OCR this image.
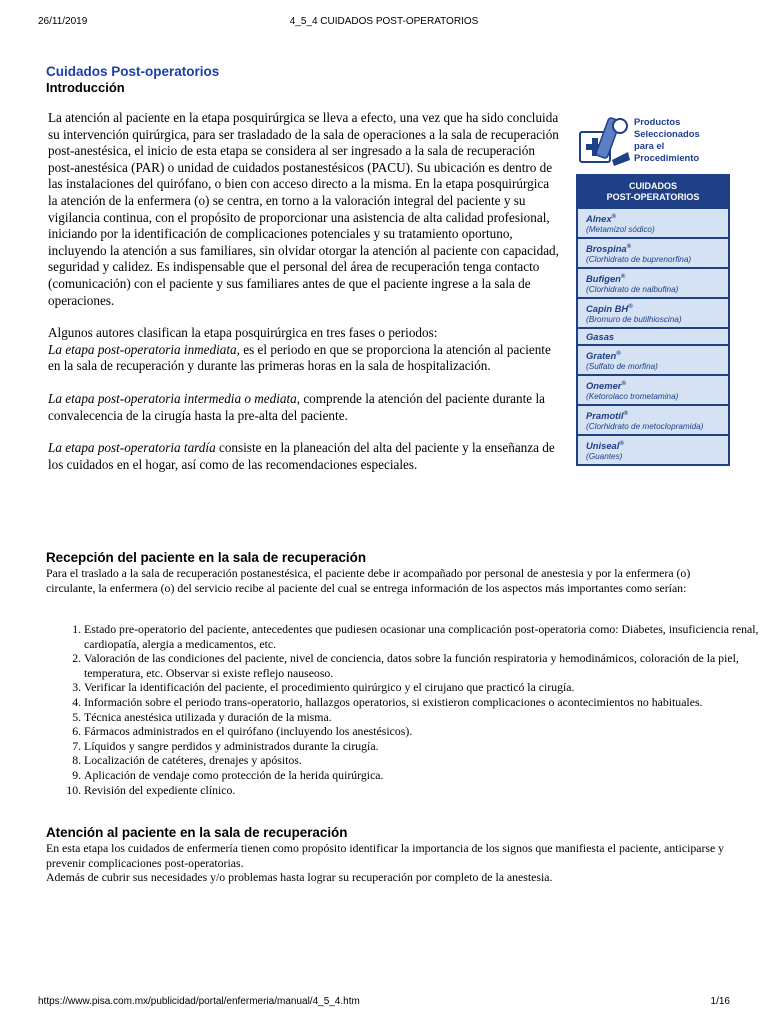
26/11/2019	4_5_4 CUIDADOS POST-OPERATORIOS
Cuidados Post-operatorios
Introducción

La atención al paciente en la etapa posquirúrgica se lleva a efecto, una vez que ha sido concluida su intervención quirúrgica, para ser trasladado de la sala de operaciones a la sala de recuperación post-anestésica, el inicio de esta etapa se considera al ser ingresado a la sala de recuperación post-anestésica (PAR) o unidad de cuidados postanestésicos (PACU). Su ubicación es dentro de las instalaciones del quirófano, o bien con acceso directo a la misma. En la etapa posquirúrgica la atención de la enfermera (o) se centra, en torno a la valoración integral del paciente y su vigilancia continua, con el propósito de proporcionar una asistencia de alta calidad profesional, iniciando por la identificación de complicaciones potenciales y su tratamiento oportuno, incluyendo la atención a sus familiares, sin olvidar otorgar la atención al paciente con capacidad, seguridad y calidez. Es indispensable que el personal del área de recuperación tenga contacto (comunicación) con el paciente y sus familiares antes de que el paciente ingrese a la sala de operaciones.

Algunos autores clasifican la etapa posquirúrgica en tres fases o periodos:
La etapa post-operatoria inmediata, es el periodo en que se proporciona la atención al paciente en la sala de recuperación y durante las primeras horas en la sala de hospitalización.

La etapa post-operatoria intermedia o mediata, comprende la atención del paciente durante la convalecencia de la cirugía hasta la pre-alta del paciente.

La etapa post-operatoria tardía consiste en la planeación del alta del paciente y la enseñanza de los cuidados en el hogar, así como de las recomendaciones especiales.

Productos
Seleccionados
para el
Procedimiento
CUIDADOS
POST-OPERATORIOS
Alnex®
(Metamizol sódico)
Brospina®
(Clorhidrato de buprenorfina)
Bufigen®
(Clorhidrato de nalbufina)
Capin BH®
(Bromuro de butilhioscina)
Gasas
Graten®
(Sulfato de morfina)
Onemer®
(Ketorolaco trometamina)
Pramotil®
(Clorhidrato de metoclopramida)
Uniseal®
(Guantes)
Recepción del paciente en la sala de recuperación

Para el traslado a la sala de recuperación postanestésica, el paciente debe ir acompañado por personal de anestesia y por la enfermera (o) circulante, la enfermera (o) del servicio recibe al paciente del cual se entrega información de los aspectos más importantes como serían:

1. Estado pre-operatorio del paciente, antecedentes que pudiesen ocasionar una complicación post-operatoria como: Diabetes, insuficiencia renal, cardiopatía, alergia a medicamentos, etc.
2. Valoración de las condiciones del paciente, nivel de conciencia, datos sobre la función respiratoria y hemodinámicos, coloración de la piel, temperatura, etc. Observar si existe reflejo nauseoso.
3. Verificar la identificación del paciente, el procedimiento quirúrgico y el cirujano que practicó la cirugía.
4. Información sobre el periodo trans-operatorio, hallazgos operatorios, si existieron complicaciones o acontecimientos no habituales.
5. Técnica anestésica utilizada y duración de la misma.
6. Fármacos administrados en el quirófano (incluyendo los anestésicos).
7. Líquidos y sangre perdidos y administrados durante la cirugía.
8. Localización de catéteres, drenajes y apósitos.
9. Aplicación de vendaje como protección de la herida quirúrgica.
10. Revisión del expediente clínico.
Atención al paciente en la sala de recuperación

En esta etapa los cuidados de enfermería tienen como propósito identificar la importancia de los signos que manifiesta el paciente, anticiparse y prevenir complicaciones post-operatorias.
Además de cubrir sus necesidades y/o problemas hasta lograr su recuperación por completo de la anestesia.

https://www.pisa.com.mx/publicidad/portal/enfermeria/manual/4_5_4.htm	1/16
